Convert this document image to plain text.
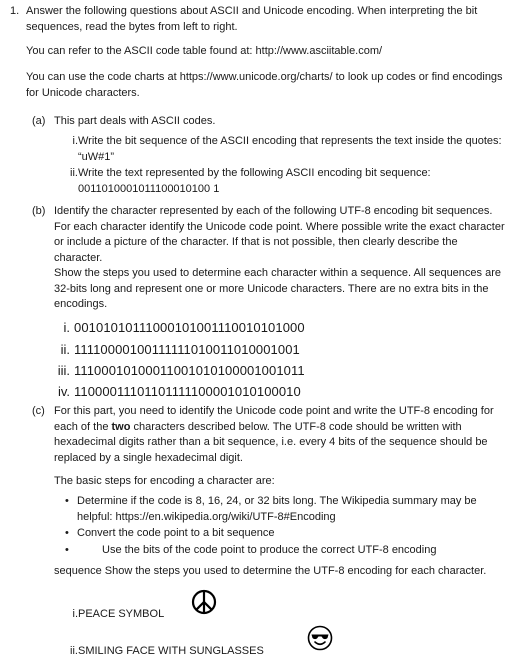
1. Answer the following questions about ASCII and Unicode encoding. When interpreting the bit sequences, read the bytes from left to right.
You can refer to the ASCII code table found at: http://www.asciitable.com/
You can use the code charts at https://www.unicode.org/charts/ to look up codes or find encodings for Unicode characters.
(a) This part deals with ASCII codes.
i. Write the bit sequence of the ASCII encoding that represents the text inside the quotes: “uW#1”
ii. Write the text represented by the following ASCII encoding bit sequence:
0011010001011100010100 1
(b) Identify the character represented by each of the following UTF-8 encoding bit sequences. For each character identify the Unicode code point. Where possible write the exact character or include a picture of the character. If that is not possible, then clearly describe the character.
Show the steps you used to determine each character within a sequence. All sequences are 32-bits long and represent one or more Unicode characters. There are no extra bits in the encodings.
i. 00101010111000101001110010101000
ii. 11110000100111111010011010001001
iii. 11100010100011001010100001001011
iv. 11000011101101111100001010100010
(c) For this part, you need to identify the Unicode code point and write the UTF-8 encoding for each of the two characters described below. The UTF-8 code should be written with hexadecimal digits rather than a bit sequence, i.e. every 4 bits of the sequence should be replaced by a single hexadecimal digit.
The basic steps for encoding a character are:
• Determine if the code is 8, 16, 24, or 32 bits long. The Wikipedia summary may be helpful: https://en.wikipedia.org/wiki/UTF-8#Encoding
• Convert the code point to a bit sequence
•	Use the bits of the code point to produce the correct UTF-8 encoding
sequence Show the steps you used to determine the UTF-8 encoding for each character.
i. PEACE SYMBOL
ii. SMILING FACE WITH SUNGLASSES
